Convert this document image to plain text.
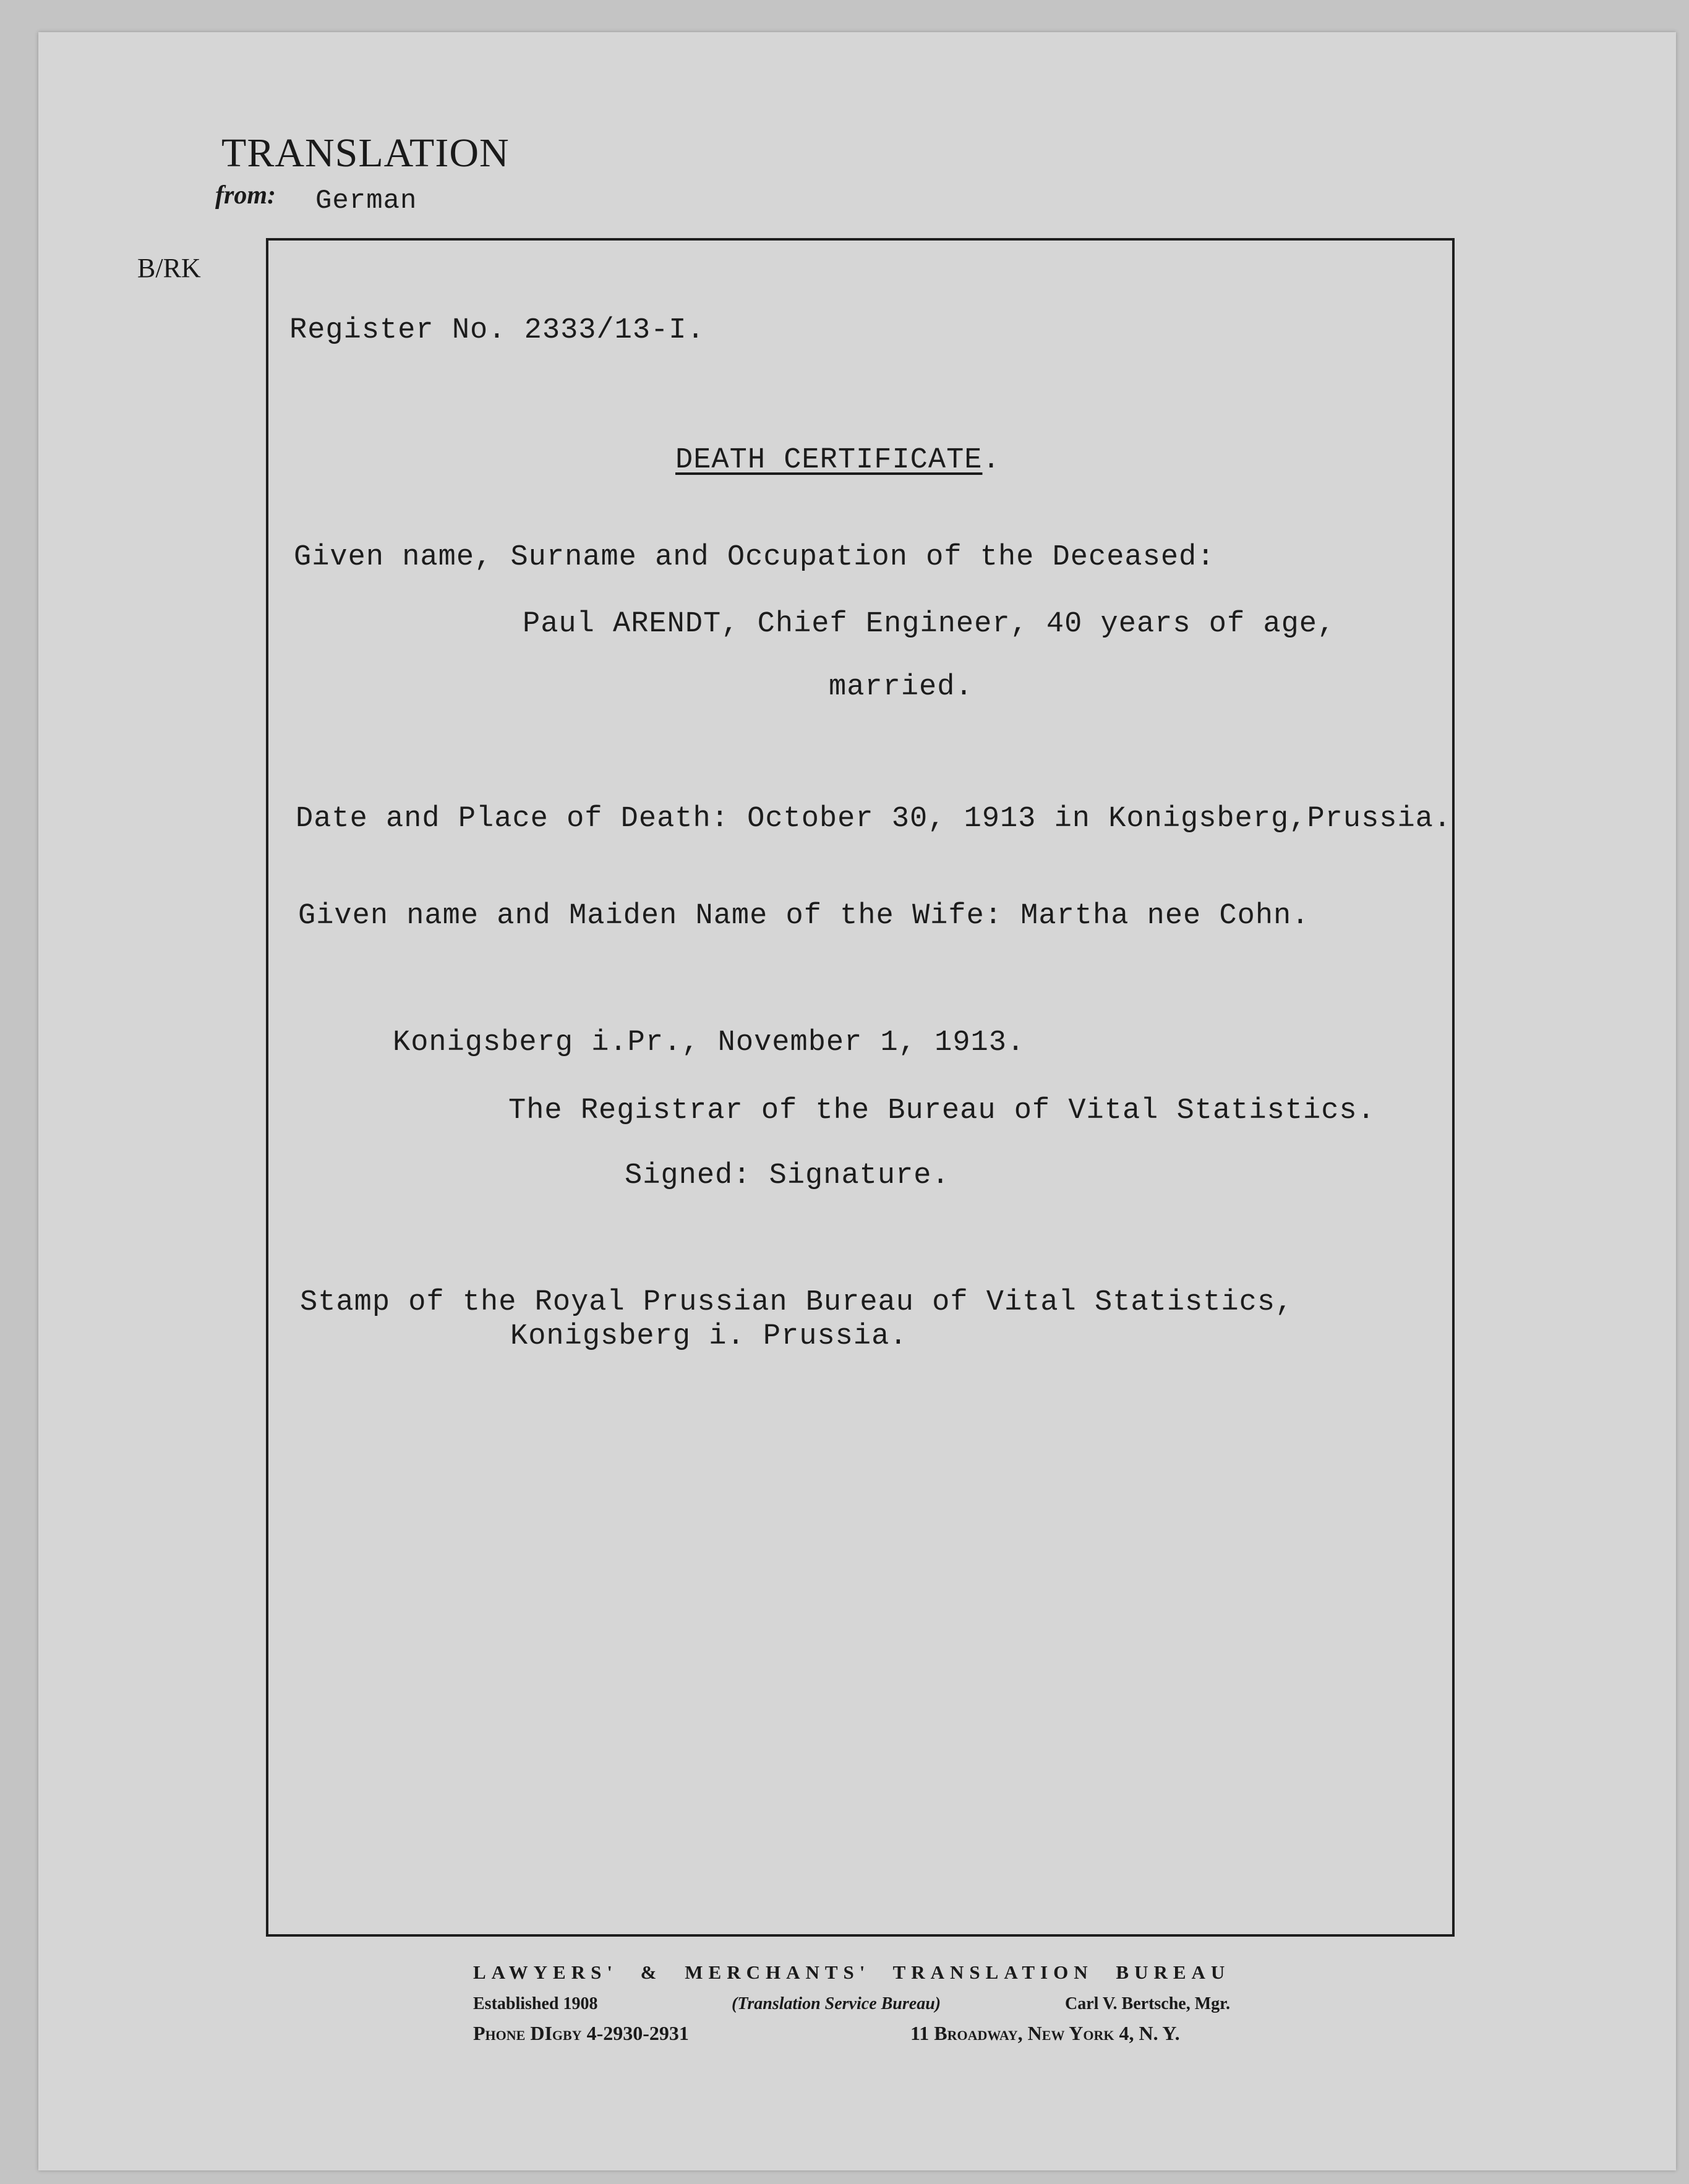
TRANSLATION
from: German
B/RK
Register No. 2333/13-I.
DEATH CERTIFICATE.
Given name, Surname and Occupation of the Deceased:
Paul ARENDT, Chief Engineer, 40 years of age,
married.
Date and Place of Death: October 30, 1913 in Konigsberg,Prussia.
Given name and Maiden Name of the Wife: Martha nee Cohn.
Konigsberg i.Pr., November 1, 1913.
The Registrar of the Bureau of Vital Statistics.
Signed: Signature.
Stamp of the Royal Prussian Bureau of Vital Statistics,
Konigsberg i. Prussia.
LAWYERS' & MERCHANTS' TRANSLATION BUREAU
Established 1908	(Translation Service Bureau)	Carl V. Bertsche, Mgr.
Phone DIgby 4-2930-2931	11 Broadway, New York 4, N. Y.
